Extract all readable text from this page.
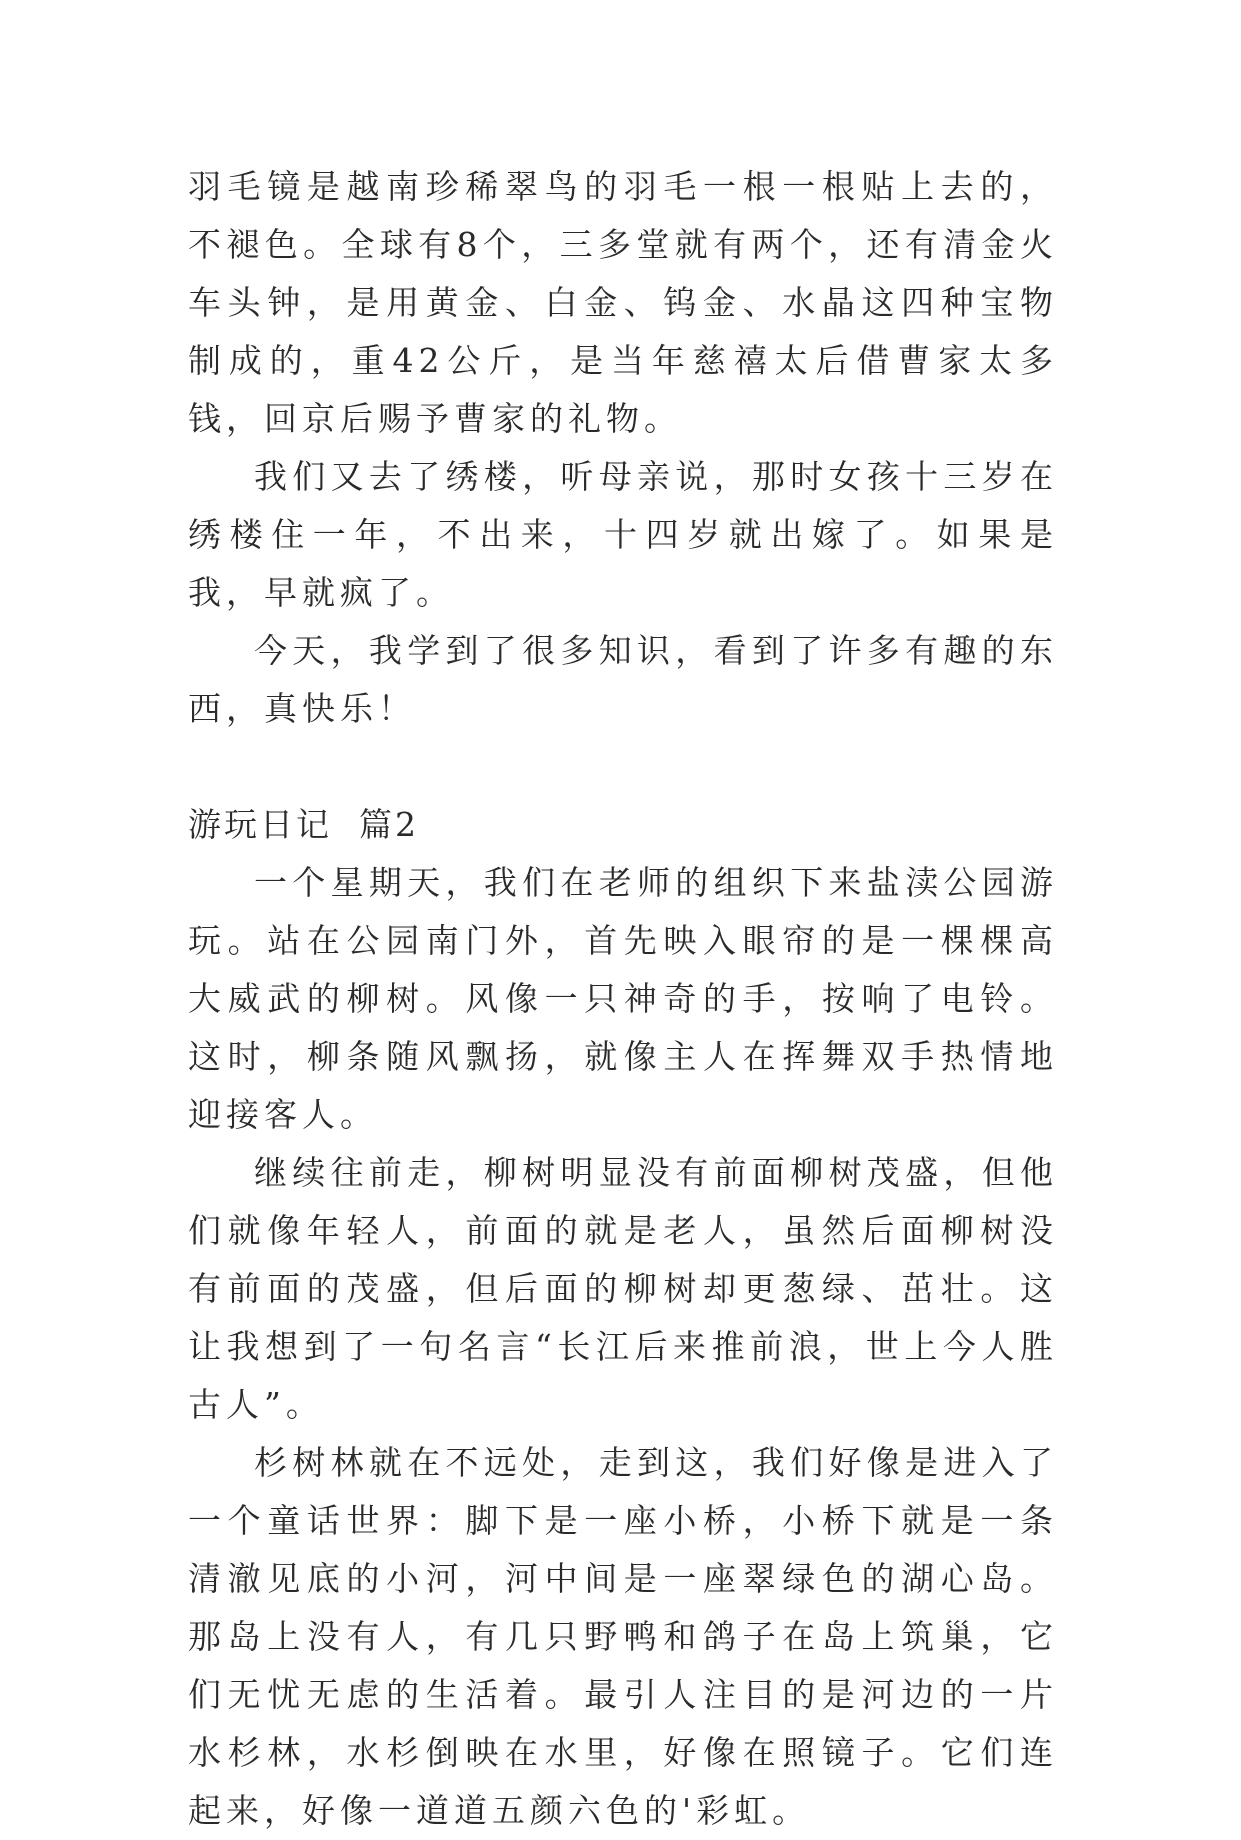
羽毛镜是越南珍稀翠鸟的羽毛一根一根贴上去的，不褪色。全球有8个，三多堂就有两个，还有清金火车头钟，是用黄金、白金、钨金、水晶这四种宝物制成的，重42公斤，是当年慈禧太后借曹家太多钱，回京后赐予曹家的礼物。

我们又去了绣楼，听母亲说，那时女孩十三岁在绣楼住一年，不出来，十四岁就出嫁了。如果是我，早就疯了。

今天，我学到了很多知识，看到了许多有趣的东西，真快乐！

游玩日记  篇2

一个星期天，我们在老师的组织下来盐渎公园游玩。站在公园南门外，首先映入眼帘的是一棵棵高大威武的柳树。风像一只神奇的手，按响了电铃。这时，柳条随风飘扬，就像主人在挥舞双手热情地迎接客人。

继续往前走，柳树明显没有前面柳树茂盛，但他们就像年轻人，前面的就是老人，虽然后面柳树没有前面的茂盛，但后面的柳树却更葱绿、茁壮。这让我想到了一句名言“长江后来推前浪，世上今人胜古人”。

杉树林就在不远处，走到这，我们好像是进入了一个童话世界：脚下是一座小桥，小桥下就是一条清澈见底的小河，河中间是一座翠绿色的湖心岛。那岛上没有人，有几只野鸭和鸽子在岛上筑巢，它们无忧无虑的生活着。最引人注目的是河边的一片水杉林，水杉倒映在水里，好像在照镜子。它们连起来，好像一道道五颜六色的'彩虹。
